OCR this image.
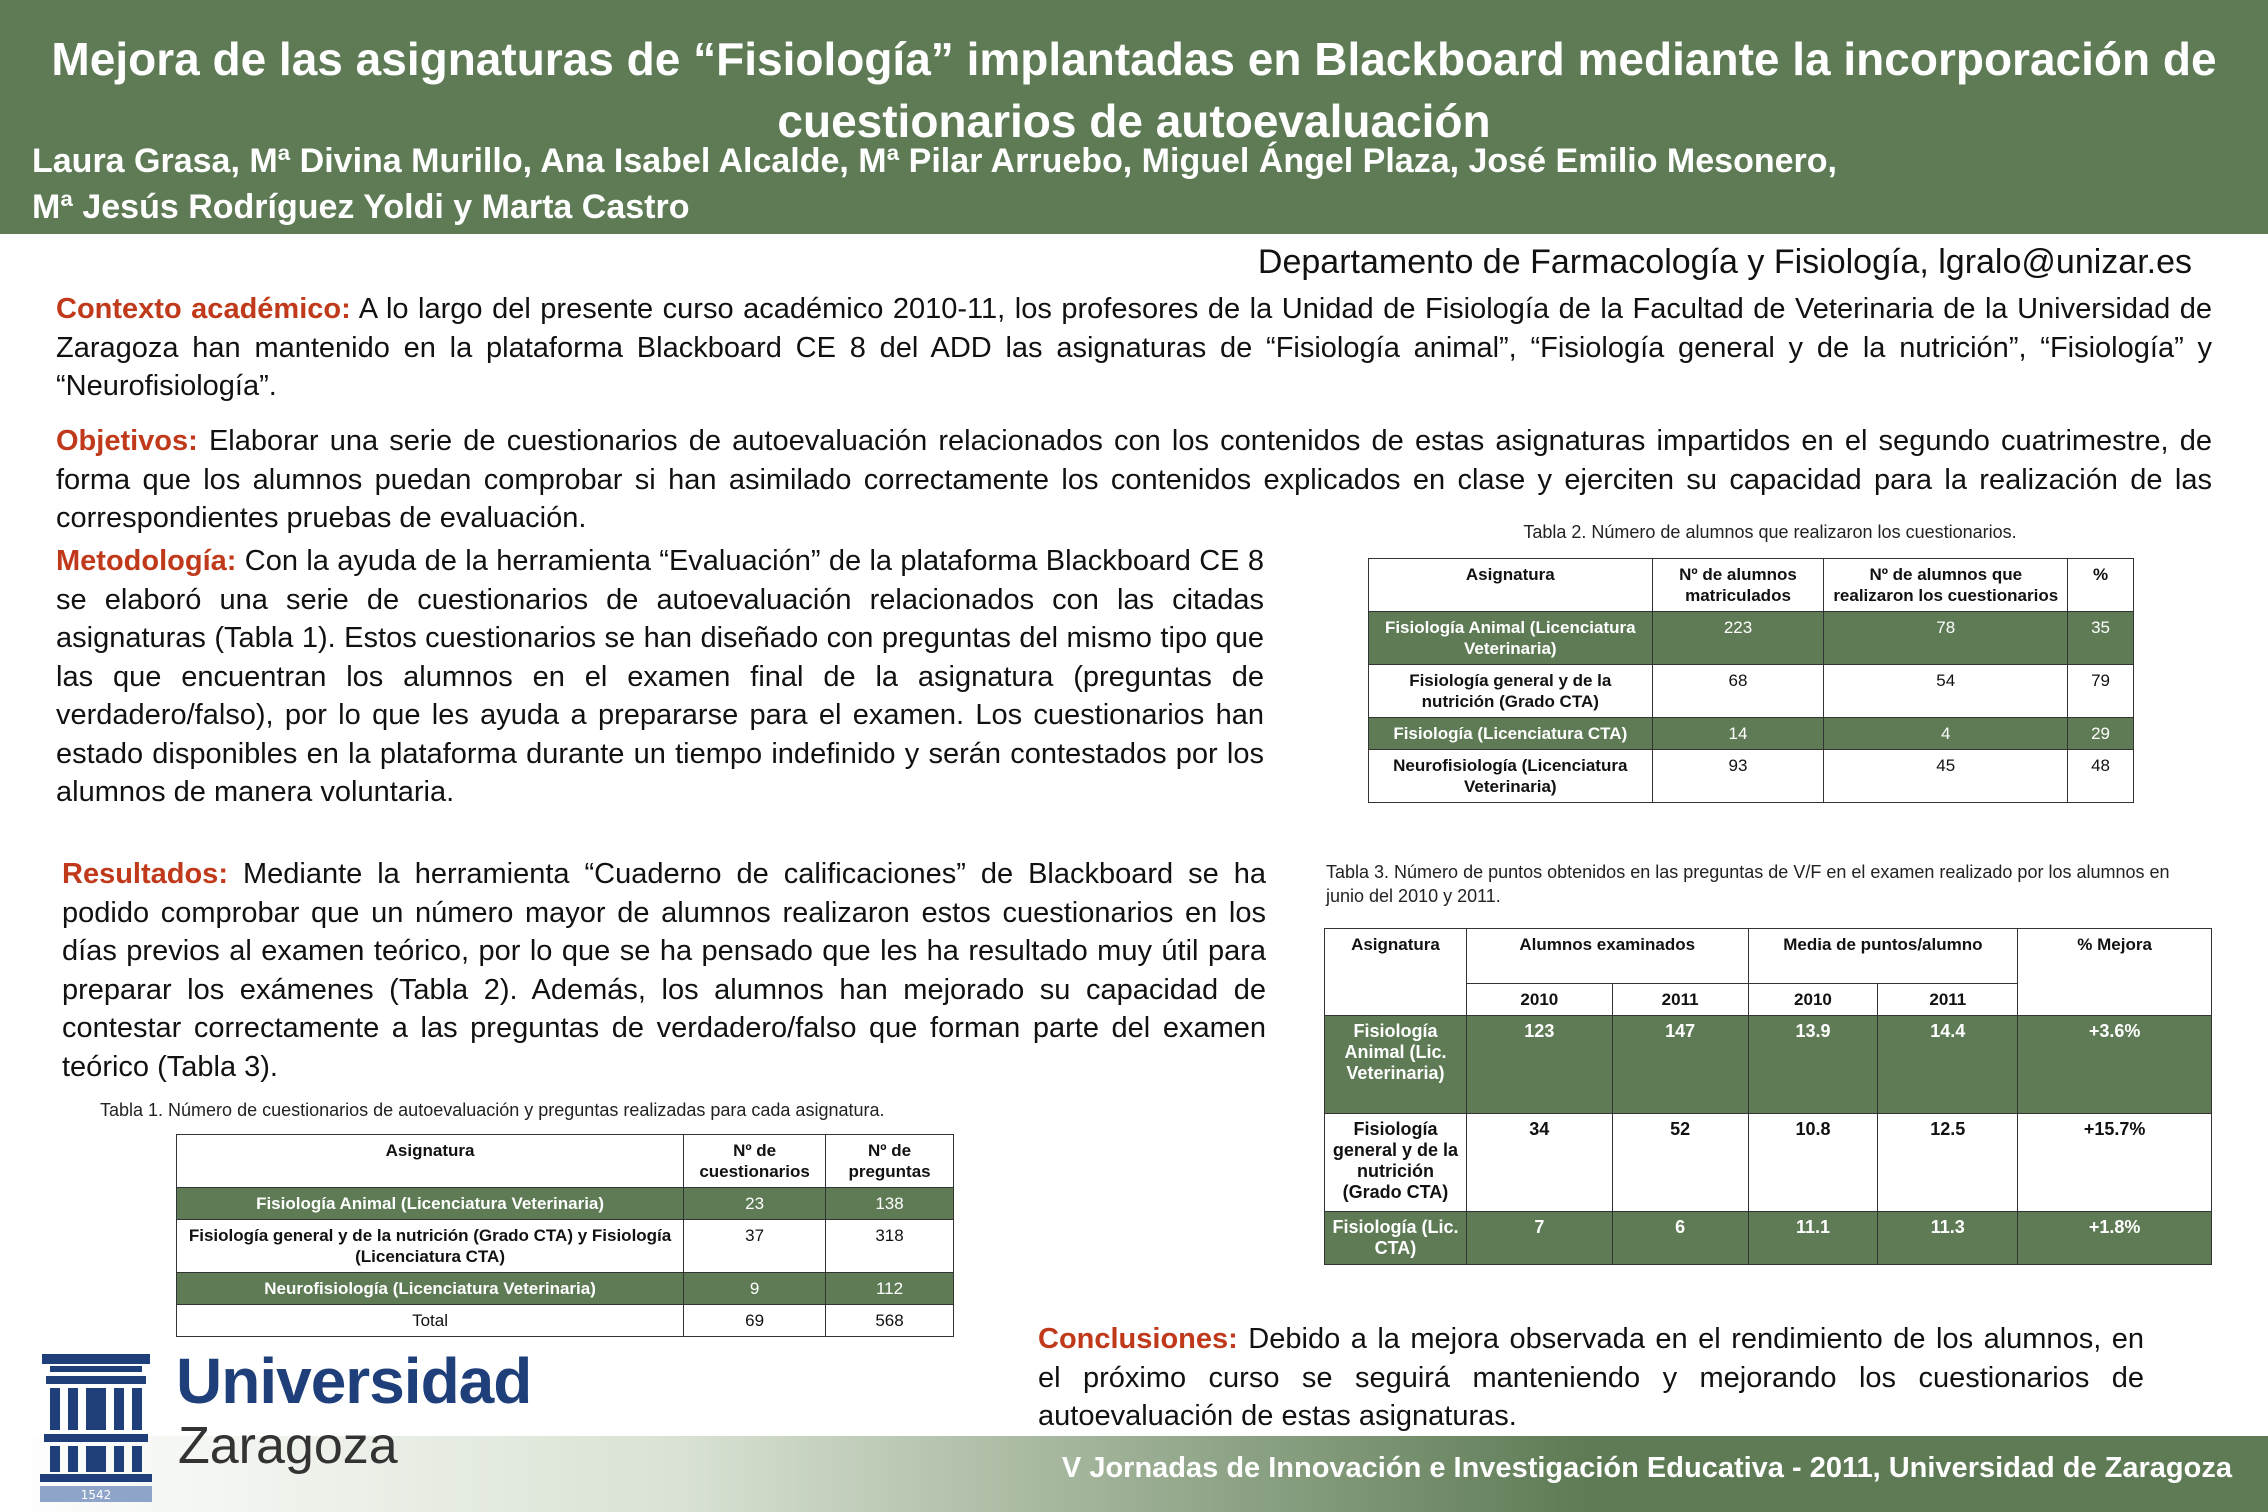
Mejora de las asignaturas de “Fisiología” implantadas en Blackboard mediante la incorporación de cuestionarios de autoevaluación
Laura Grasa, Mª Divina Murillo, Ana Isabel Alcalde, Mª Pilar Arruebo, Miguel Ángel Plaza, José Emilio Mesonero,
Mª Jesús Rodríguez Yoldi y Marta Castro
Departamento de Farmacología y Fisiología, lgralo@unizar.es
Contexto académico: A lo largo del presente curso académico 2010-11, los profesores de la Unidad de Fisiología de la Facultad de Veterinaria de la Universidad de Zaragoza han mantenido en la plataforma Blackboard CE 8 del ADD las asignaturas de “Fisiología animal”, “Fisiología general y de la nutrición”, “Fisiología” y “Neurofisiología”.
Objetivos: Elaborar una serie de cuestionarios de autoevaluación relacionados con los contenidos de estas asignaturas impartidos en el segundo cuatrimestre, de forma que los alumnos puedan comprobar si han asimilado correctamente los contenidos explicados en clase y ejerciten su capacidad para la realización de las correspondientes pruebas de evaluación.
Metodología: Con la ayuda de la herramienta “Evaluación” de la plataforma Blackboard CE 8 se elaboró una serie de cuestionarios de autoevaluación relacionados con las citadas asignaturas (Tabla 1). Estos cuestionarios se han diseñado con preguntas del mismo tipo que las que encuentran los alumnos en el examen final de la asignatura (preguntas de verdadero/falso), por lo que les ayuda a prepararse para el examen. Los cuestionarios han estado disponibles en la plataforma durante un tiempo indefinido y serán contestados por los alumnos de manera voluntaria.
Resultados: Mediante la herramienta “Cuaderno de calificaciones” de Blackboard se ha podido comprobar que un número mayor de alumnos realizaron estos cuestionarios en los días previos al examen teórico, por lo que se ha pensado que les ha resultado muy útil para preparar los exámenes (Tabla 2). Además, los alumnos han mejorado su capacidad de contestar correctamente a las preguntas de verdadero/falso que forman parte del examen teórico (Tabla 3).
Tabla 1. Número de cuestionarios de autoevaluación y preguntas realizadas para cada asignatura.
Asignatura	Nº de cuestionarios	Nº de preguntas
Fisiología Animal (Licenciatura Veterinaria)	23	138
Fisiología general y de la nutrición (Grado CTA) y Fisiología (Licenciatura CTA)	37	318
Neurofisiología (Licenciatura Veterinaria)	9	112
Total	69	568
Tabla 2. Número de alumnos que realizaron los cuestionarios.
Asignatura	Nº de alumnos matriculados	Nº de alumnos que realizaron los cuestionarios	%
Fisiología Animal (Licenciatura Veterinaria)	223	78	35
Fisiología general y de la nutrición (Grado CTA)	68	54	79
Fisiología (Licenciatura CTA)	14	4	29
Neurofisiología (Licenciatura Veterinaria)	93	45	48
Tabla 3. Número de puntos obtenidos en las preguntas de V/F en el examen realizado por los alumnos en junio del 2010 y 2011.
Asignatura	Alumnos examinados		Media de puntos/alumno		% Mejora
	2010	2011	2010	2011	
Fisiología Animal (Lic. Veterinaria)	123	147	13.9	14.4	+3.6%
Fisiología general y de la nutrición (Grado CTA)	34	52	10.8	12.5	+15.7%
Fisiología (Lic. CTA)	7	6	11.1	11.3	+1.8%
Conclusiones: Debido a la mejora observada en el rendimiento de los alumnos, en el próximo curso se seguirá manteniendo y mejorando los cuestionarios de autoevaluación de estas asignaturas.
V Jornadas de Innovación e Investigación Educativa - 2011, Universidad de Zaragoza
1542
Universidad
Zaragoza
